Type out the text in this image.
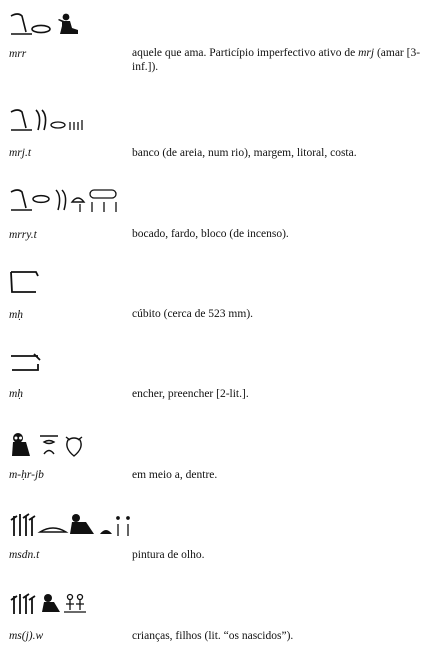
mrr	aquele que ama. Particípio imperfectivo ativo de mrj (amar [3-inf.]).
mrj.t	banco (de areia, num rio), margem, litoral, costa.
mrry.t	bocado, fardo, bloco (de incenso).
mḥ	cúbito (cerca de 523 mm).
mḥ	encher, preencher [2-lit.].
m-ḥr-jb	em meio a, dentre.
msdn.t	pintura de olho.
ms(j).w	crianças, filhos (lit. “os nascidos”).
